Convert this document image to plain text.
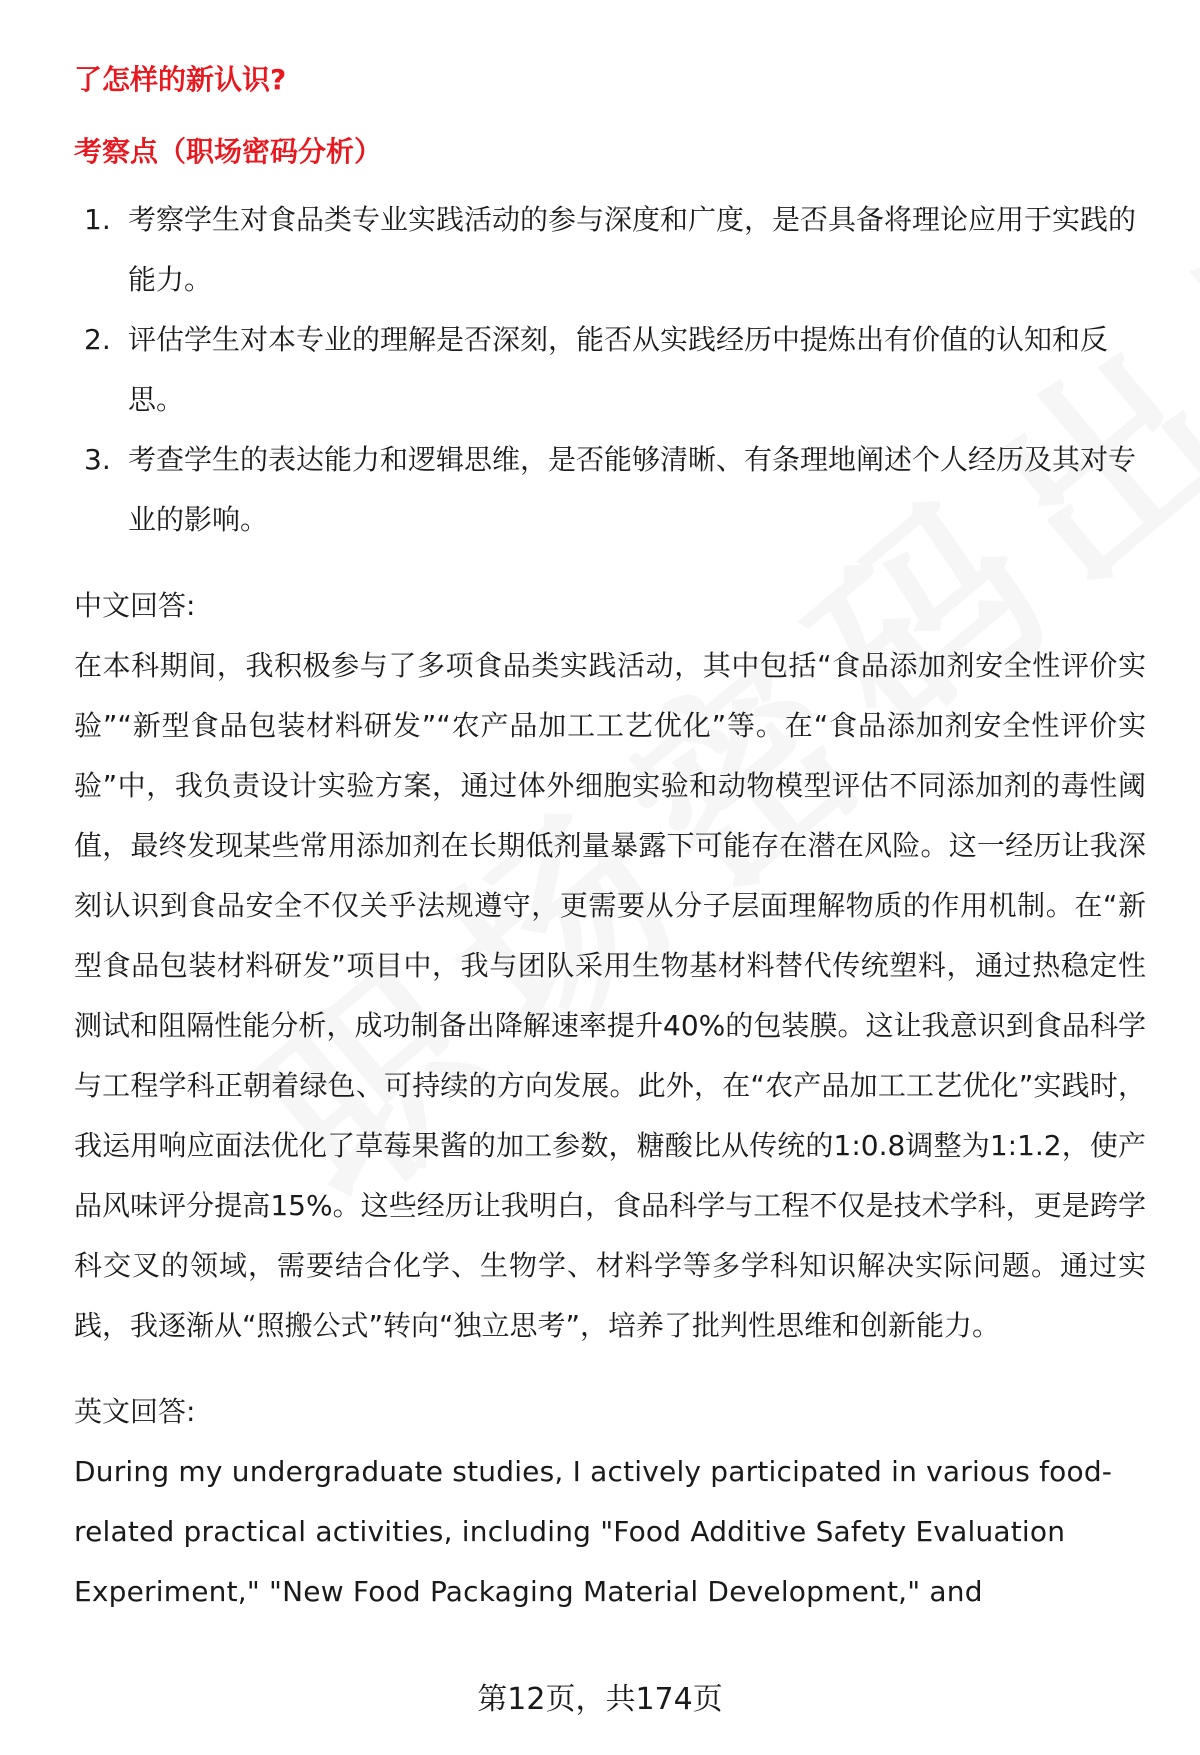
了怎样的新认识?

考察点（职场密码分析）

1. 考察学生对食品类专业实践活动的参与深度和广度，是否具备将理论应用于实践的能力。
2. 评估学生对本专业的理解是否深刻，能否从实践经历中提炼出有价值的认知和反思。
3. 考查学生的表达能力和逻辑思维，是否能够清晰、有条理地阐述个人经历及其对专业的影响。

中文回答:

在本科期间，我积极参与了多项食品类实践活动，其中包括“食品添加剂安全性评价实验”“新型食品包装材料研发”“农产品加工工艺优化”等。在“食品添加剂安全性评价实验”中，我负责设计实验方案，通过体外细胞实验和动物模型评估不同添加剂的毒性阈值，最终发现某些常用添加剂在长期低剂量暴露下可能存在潜在风险。这一经历让我深刻认识到食品安全不仅关乎法规遵守，更需要从分子层面理解物质的作用机制。在“新型食品包装材料研发”项目中，我与团队采用生物基材料替代传统塑料，通过热稳定性测试和阻隔性能分析，成功制备出降解速率提升40%的包装膜。这让我意识到食品科学与工程学科正朝着绿色、可持续的方向发展。此外，在“农产品加工工艺优化”实践时，我运用响应面法优化了草莓果酱的加工参数，糖酸比从传统的1:0.8调整为1:1.2，使产品风味评分提高15%。这些经历让我明白，食品科学与工程不仅是技术学科，更是跨学科交叉的领域，需要结合化学、生物学、材料学等多学科知识解决实际问题。通过实践，我逐渐从“照搬公式”转向“独立思考”，培养了批判性思维和创新能力。

英文回答:

During my undergraduate studies, I actively participated in various food-related practical activities, including "Food Additive Safety Evaluation Experiment," "New Food Packaging Material Development," and

第12页，共174页
